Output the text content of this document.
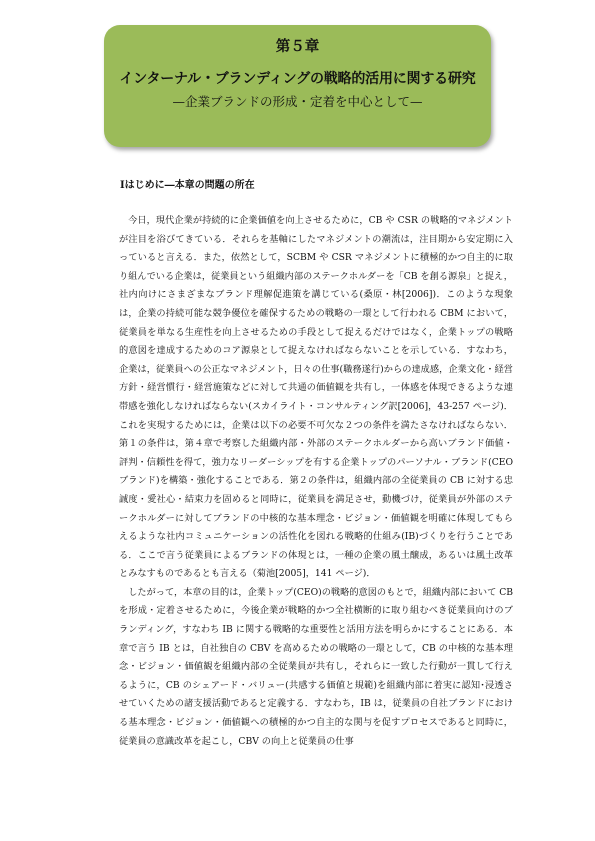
第５章
インターナル・ブランディングの戦略的活用に関する研究
—企業ブランドの形成・定着を中心として—
Ⅰはじめに―本章の問題の所在

今日，現代企業が持続的に企業価値を向上させるために，CB や CSR の戦略的マネジメントが注目を浴びてきている．それらを基軸にしたマネジメントの潮流は，注目期から安定期に入っていると言える．また，依然として，SCBM や CSR マネジメントに積極的かつ自主的に取り組んでいる企業は，従業員という組織内部のステークホルダーを「CB を創る源泉」と捉え，社内向けにさまざまなブランド理解促進策を講じている(桑原・林[2006])．このような現象は，企業の持続可能な競争優位を確保するための戦略の一環として行われる CBM において，従業員を単なる生産性を向上させるための手段として捉えるだけではなく，企業トップの戦略的意図を達成するためのコア源泉として捉えなければならないことを示している．すなわち，企業は，従業員への公正なマネジメント，日々の仕事(職務遂行)からの達成感，企業文化・経営方針・経営慣行・経営施策などに対して共通の価値観を共有し，一体感を体現できるような連帯感を強化しなければならない(スカイライト・コンサルティング訳[2006]，43-257 ページ)．これを実現するためには，企業は以下の必要不可欠な２つの条件を満たさなければならない．第１の条件は，第４章で考察した組織内部・外部のステークホルダーから高いブランド価値・評判・信頼性を得て，強力なリーダーシップを有する企業トップのパーソナル・ブランド(CEO ブランド)を構築・強化することである．第２の条件は，組織内部の全従業員の CB に対する忠誠度・愛社心・結束力を固めると同時に，従業員を満足させ，動機づけ，従業員が外部のステークホルダーに対してブランドの中核的な基本理念・ビジョン・価値観を明確に体現してもらえるような社内コミュニケーションの活性化を図れる戦略的仕組み(IB)づくりを行うことである．ここで言う従業員によるブランドの体現とは，一種の企業の風土醸成，あるいは風土改革とみなすものであるとも言える（菊池[2005]，141 ページ)．

したがって，本章の目的は，企業トップ(CEO)の戦略的意図のもとで，組織内部において CB を形成・定着させるために，今後企業が戦略的かつ全社横断的に取り組むべき従業員向けのブランディング，すなわち IB に関する戦略的な重要性と活用方法を明らかにすることにある．本章で言う IB とは，自社独自の CBV を高めるための戦略の一環として，CB の中核的な基本理念・ビジョン・価値観を組織内部の全従業員が共有し，それらに一致した行動が一貫して行えるように，CB のシェアード・バリュー(共感する価値と規範)を組織内部に着実に認知･浸透させていくための諸支援活動であると定義する．すなわち，IB は，従業員の自社ブランドにおける基本理念・ビジョン・価値観への積極的かつ自主的な関与を促すプロセスであると同時に，従業員の意識改革を起こし，CBV の向上と従業員の仕事
